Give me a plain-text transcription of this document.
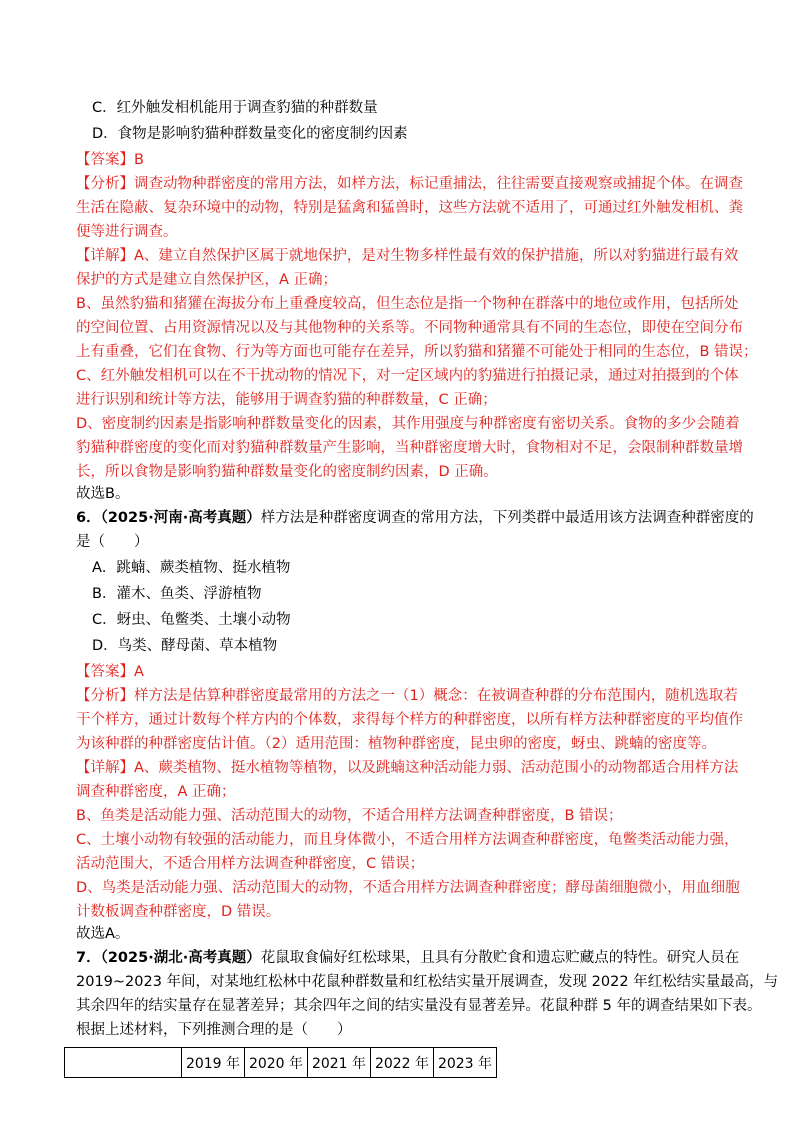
C．红外触发相机能用于调查豹猫的种群数量
D．食物是影响豹猫种群数量变化的密度制约因素
【答案】B
【分析】调查动物种群密度的常用方法，如样方法，标记重捕法，往往需要直接观察或捕捉个体。在调查
生活在隐蔽、复杂环境中的动物，特别是猛禽和猛兽时，这些方法就不适用了，可通过红外触发相机、粪
便等进行调查。
【详解】A、建立自然保护区属于就地保护，是对生物多样性最有效的保护措施，所以对豹猫进行最有效
保护的方式是建立自然保护区，A 正确；
B、虽然豹猫和猪獾在海拔分布上重叠度较高，但生态位是指一个物种在群落中的地位或作用，包括所处
的空间位置、占用资源情况以及与其他物种的关系等。不同物种通常具有不同的生态位，即使在空间分布
上有重叠，它们在食物、行为等方面也可能存在差异，所以豹猫和猪獾不可能处于相同的生态位，B 错误；
C、红外触发相机可以在不干扰动物的情况下，对一定区域内的豹猫进行拍摄记录，通过对拍摄到的个体
进行识别和统计等方法，能够用于调查豹猫的种群数量，C 正确；
D、密度制约因素是指影响种群数量变化的因素，其作用强度与种群密度有密切关系。食物的多少会随着
豹猫种群密度的变化而对豹猫种群数量产生影响，当种群密度增大时，食物相对不足，会限制种群数量增
长，所以食物是影响豹猫种群数量变化的密度制约因素，D 正确。
故选B。
6．（2025·河南·高考真题）样方法是种群密度调查的常用方法，下列类群中最适用该方法调查种群密度的
是（　　）
A．跳蝻、蕨类植物、挺水植物
B．灌木、鱼类、浮游植物
C．蚜虫、龟鳖类、土壤小动物
D．鸟类、酵母菌、草本植物
【答案】A
【分析】样方法是估算种群密度最常用的方法之一（1）概念：在被调查种群的分布范围内，随机选取若
干个样方，通过计数每个样方内的个体数，求得每个样方的种群密度，以所有样方法种群密度的平均值作
为该种群的种群密度估计值。（2）适用范围：植物种群密度，昆虫卵的密度，蚜虫、跳蝻的密度等。
【详解】A、蕨类植物、挺水植物等植物，以及跳蝻这种活动能力弱、活动范围小的动物都适合用样方法
调查种群密度，A 正确；
B、鱼类是活动能力强、活动范围大的动物，不适合用样方法调查种群密度，B 错误；
C、土壤小动物有较强的活动能力，而且身体微小，不适合用样方法调查种群密度，龟鳖类活动能力强，
活动范围大，不适合用样方法调查种群密度，C 错误；
D、鸟类是活动能力强、活动范围大的动物，不适合用样方法调查种群密度；酵母菌细胞微小，用血细胞
计数板调查种群密度，D 错误。
故选A。
7．（2025·湖北·高考真题）花鼠取食偏好红松球果，且具有分散贮食和遗忘贮藏点的特性。研究人员在
2019~2023 年间，对某地红松林中花鼠种群数量和红松结实量开展调查，发现 2022 年红松结实量最高，与
其余四年的结实量存在显著差异；其余四年之间的结实量没有显著差异。花鼠种群 5 年的调查结果如下表。
根据上述材料，下列推测合理的是（　　）
	2019 年	2020 年	2021 年	2022 年	2023 年
